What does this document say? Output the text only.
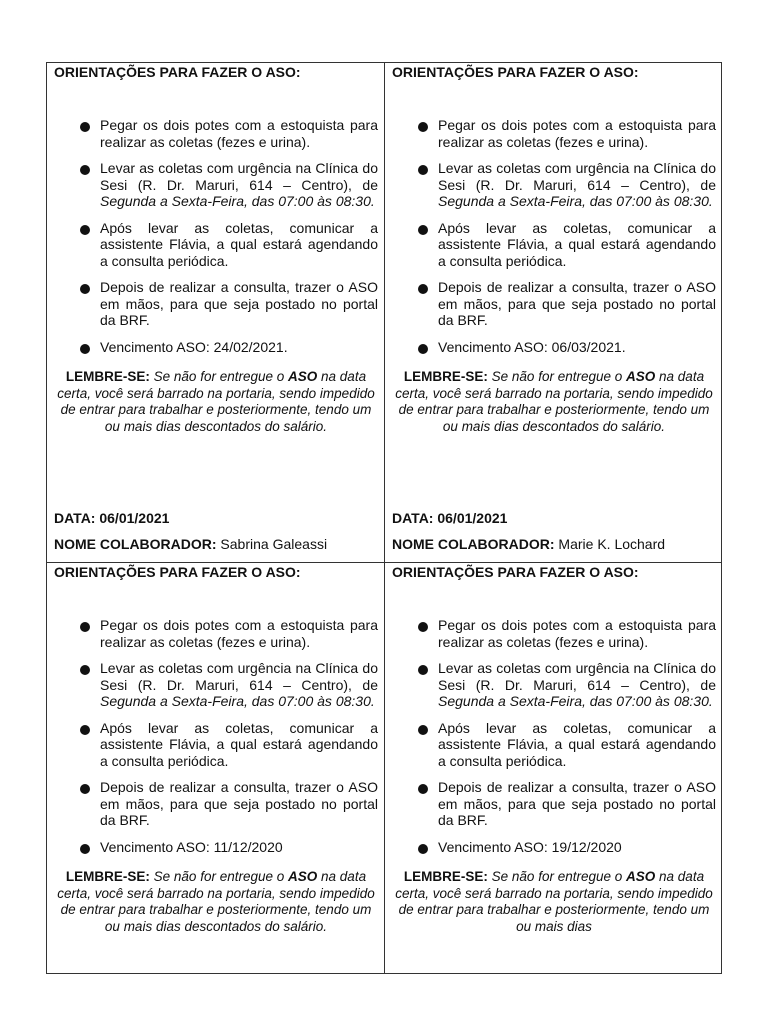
ORIENTAÇÕES PARA FAZER O ASO:
Pegar os dois potes com a estoquista para realizar as coletas (fezes e urina).
Levar as coletas com urgência na Clínica do Sesi (R. Dr. Maruri, 614 – Centro), de Segunda a Sexta-Feira, das 07:00 às 08:30.
Após levar as coletas, comunicar a assistente Flávia, a qual estará agendando a consulta periódica.
Depois de realizar a consulta, trazer o ASO em mãos, para que seja postado no portal da BRF.
Vencimento ASO: 24/02/2021.
LEMBRE-SE: Se não for entregue o ASO na data certa, você será barrado na portaria, sendo impedido de entrar para trabalhar e posteriormente, tendo um ou mais dias descontados do salário.
DATA: 06/01/2021
NOME COLABORADOR: Sabrina Galeassi
ORIENTAÇÕES PARA FAZER O ASO:
Pegar os dois potes com a estoquista para realizar as coletas (fezes e urina).
Levar as coletas com urgência na Clínica do Sesi (R. Dr. Maruri, 614 – Centro), de Segunda a Sexta-Feira, das 07:00 às 08:30.
Após levar as coletas, comunicar a assistente Flávia, a qual estará agendando a consulta periódica.
Depois de realizar a consulta, trazer o ASO em mãos, para que seja postado no portal da BRF.
Vencimento ASO: 06/03/2021.
LEMBRE-SE: Se não for entregue o ASO na data certa, você será barrado na portaria, sendo impedido de entrar para trabalhar e posteriormente, tendo um ou mais dias descontados do salário.
DATA: 06/01/2021
NOME COLABORADOR: Marie K. Lochard
ORIENTAÇÕES PARA FAZER O ASO:
Pegar os dois potes com a estoquista para realizar as coletas (fezes e urina).
Levar as coletas com urgência na Clínica do Sesi (R. Dr. Maruri, 614 – Centro), de Segunda a Sexta-Feira, das 07:00 às 08:30.
Após levar as coletas, comunicar a assistente Flávia, a qual estará agendando a consulta periódica.
Depois de realizar a consulta, trazer o ASO em mãos, para que seja postado no portal da BRF.
Vencimento ASO: 11/12/2020
LEMBRE-SE: Se não for entregue o ASO na data certa, você será barrado na portaria, sendo impedido de entrar para trabalhar e posteriormente, tendo um ou mais dias descontados do salário.
ORIENTAÇÕES PARA FAZER O ASO:
Pegar os dois potes com a estoquista para realizar as coletas (fezes e urina).
Levar as coletas com urgência na Clínica do Sesi (R. Dr. Maruri, 614 – Centro), de Segunda a Sexta-Feira, das 07:00 às 08:30.
Após levar as coletas, comunicar a assistente Flávia, a qual estará agendando a consulta periódica.
Depois de realizar a consulta, trazer o ASO em mãos, para que seja postado no portal da BRF.
Vencimento ASO: 19/12/2020
LEMBRE-SE: Se não for entregue o ASO na data certa, você será barrado na portaria, sendo impedido de entrar para trabalhar e posteriormente, tendo um ou mais dias
